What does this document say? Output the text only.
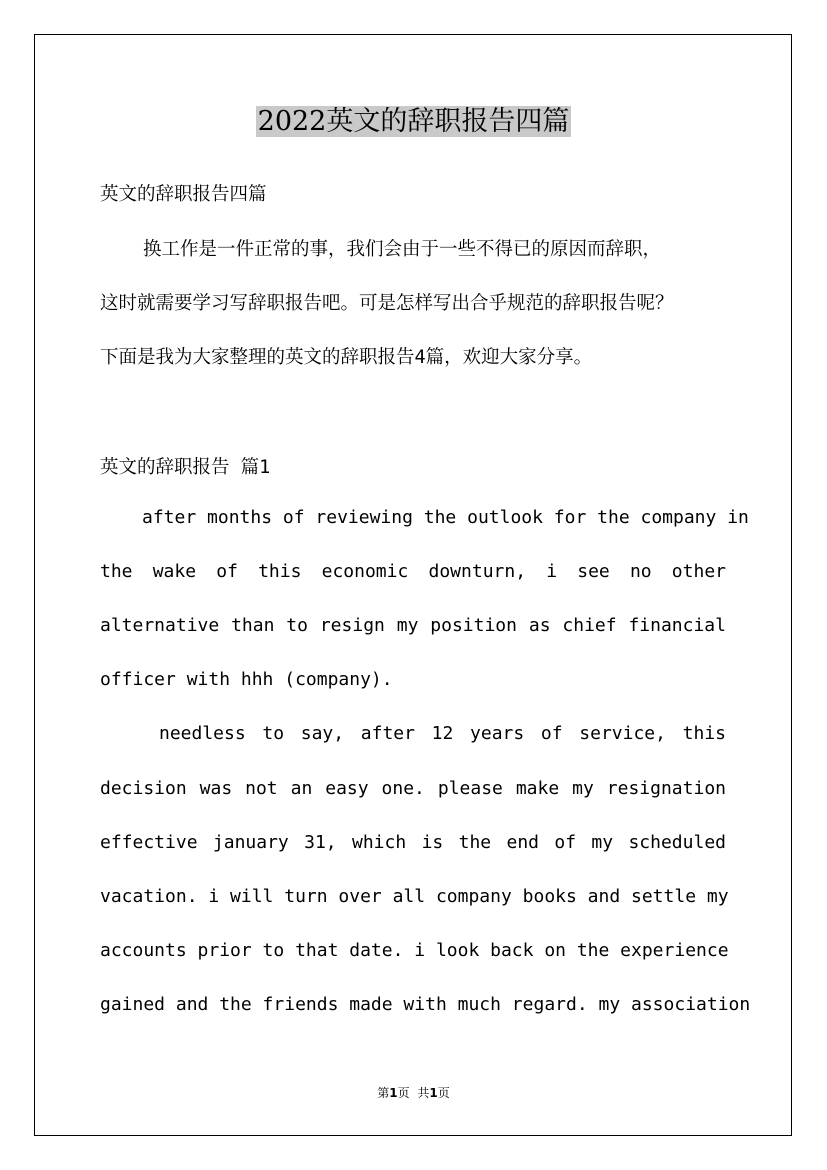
2022英文的辞职报告四篇
英文的辞职报告四篇
换工作是一件正常的事，我们会由于一些不得已的原因而辞职，
这时就需要学习写辞职报告吧。可是怎样写出合乎规范的辞职报告呢？
下面是我为大家整理的英文的辞职报告4篇，欢迎大家分享。
英文的辞职报告 篇1
after months of reviewing the outlook for the company in
the wake of this economic downturn, i see no other
alternative than to resign my position as chief financial
officer with hhh (company).
needless to say, after 12 years of service, this
decision was not an easy one. please make my resignation
effective january 31, which is the end of my scheduled
vacation. i will turn over all company books and settle my
accounts prior to that date. i look back on the experience
gained and the friends made with much regard. my association
第1页 共1页
